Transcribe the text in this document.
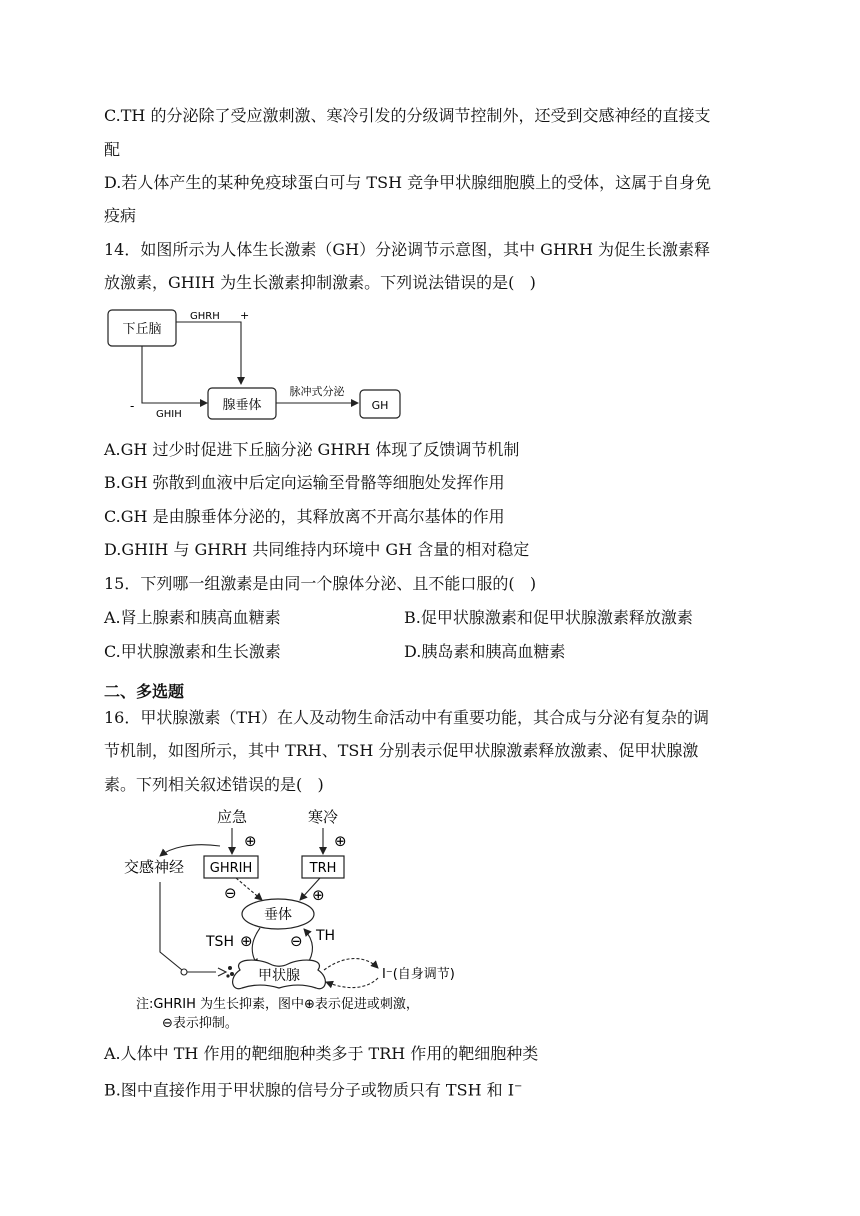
C.TH 的分泌除了受应激刺激、寒冷引发的分级调节控制外，还受到交感神经的直接支
配
D.若人体产生的某种免疫球蛋白可与 TSH 竞争甲状腺细胞膜上的受体，这属于自身免
疫病
14．如图所示为人体生长激素（GH）分泌调节示意图，其中 GHRH 为促生长激素释
放激素，GHIH 为生长激素抑制激素。下列说法错误的是(   )
下丘脑
GHRH +
-
GHIH
腺垂体
脉冲式分泌
GH
A.GH 过少时促进下丘脑分泌 GHRH 体现了反馈调节机制
B.GH 弥散到血液中后定向运输至骨骼等细胞处发挥作用
C.GH 是由腺垂体分泌的，其释放离不开高尔基体的作用
D.GHIH 与 GHRH 共同维持内环境中 GH 含量的相对稳定
15．下列哪一组激素是由同一个腺体分泌、且不能口服的(   )
A.肾上腺素和胰高血糖素	B.促甲状腺激素和促甲状腺激素释放激素
C.甲状腺激素和生长激素	D.胰岛素和胰高血糖素
二、多选题
16．甲状腺激素（TH）在人及动物生命活动中有重要功能，其合成与分泌有复杂的调
节机制，如图所示，其中 TRH、TSH 分别表示促甲状腺激素释放激素、促甲状腺激
素。下列相关叙述错误的是(   )
应急	寒冷
⊕	⊕
交感神经 GHRIH	TRH
⊖	⊕
垂体
TSH ⊕ ⊖ TH
甲状腺	I⁻(自身调节)
注:GHRIH 为生长抑素，图中⊕表示促进或刺激，
⊖表示抑制。
A.人体中 TH 作用的靶细胞种类多于 TRH 作用的靶细胞种类
B.图中直接作用于甲状腺的信号分子或物质只有 TSH 和 I−
